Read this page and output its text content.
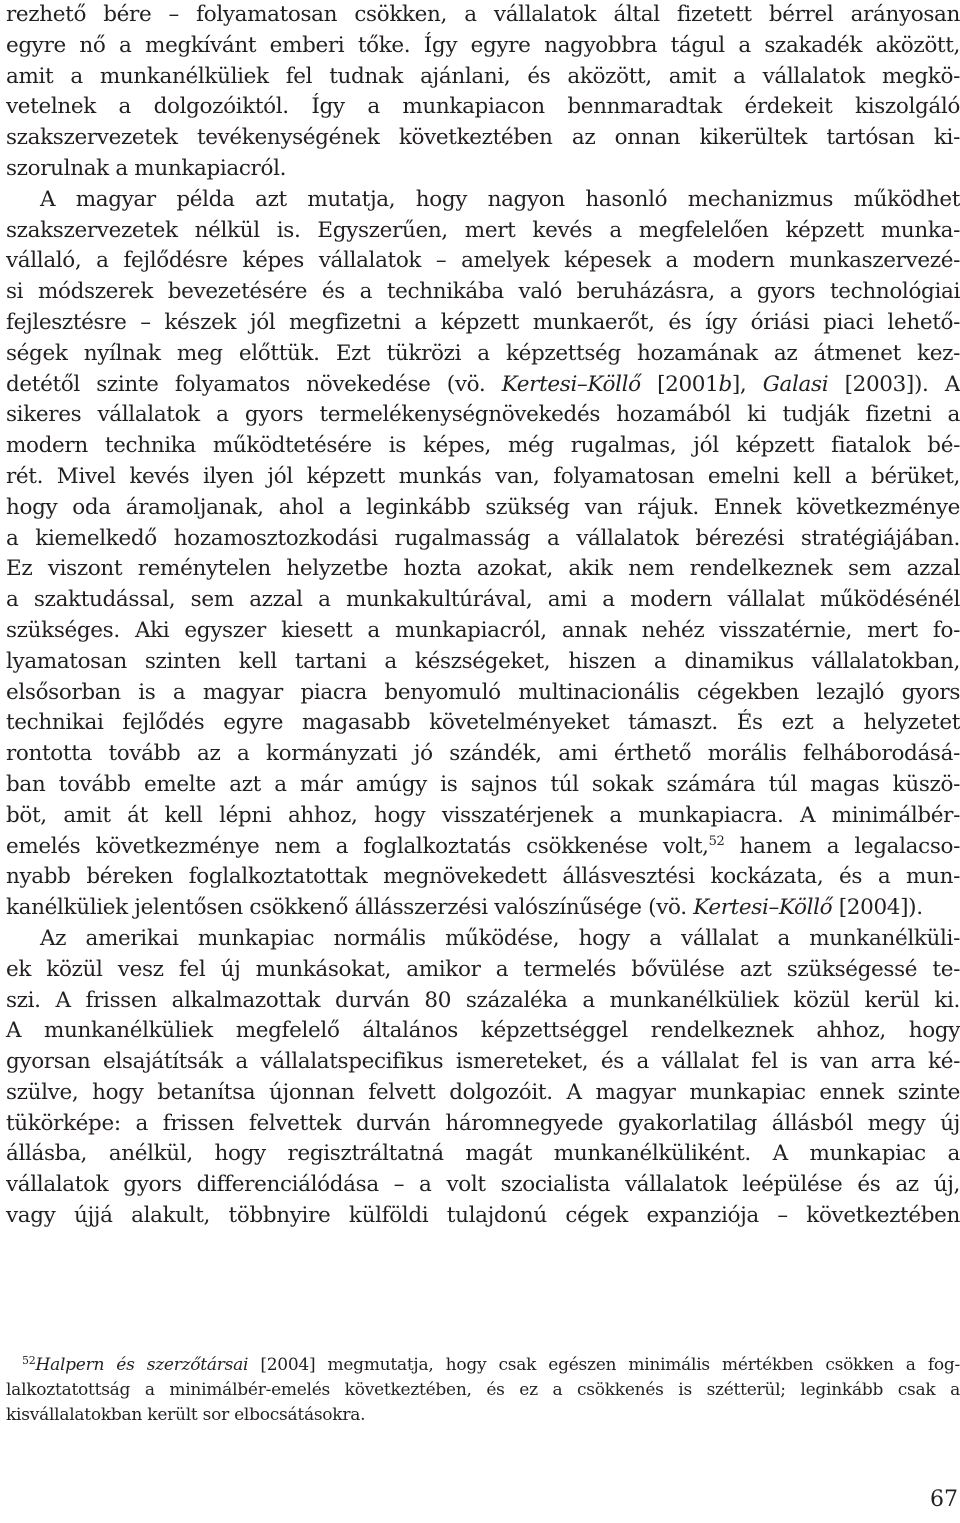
rezhető bére – folyamatosan csökken, a vállalatok által fizetett bérrel arányosan
egyre nő a megkívánt emberi tőke. Így egyre nagyobbra tágul a szakadék aközött,
amit a munkanélküliek fel tudnak ajánlani, és aközött, amit a vállalatok megkö-
vetelnek a dolgozóiktól. Így a munkapiacon bennmaradtak érdekeit kiszolgáló
szakszervezetek tevékenységének következtében az onnan kikerültek tartósan ki-
szorulnak a munkapiacról.
A magyar példa azt mutatja, hogy nagyon hasonló mechanizmus működhet
szakszervezetek nélkül is. Egyszerűen, mert kevés a megfelelően képzett munka-
vállaló, a fejlődésre képes vállalatok – amelyek képesek a modern munkaszervezé-
si módszerek bevezetésére és a technikába való beruházásra, a gyors technológiai
fejlesztésre – készek jól megfizetni a képzett munkaerőt, és így óriási piaci lehető-
ségek nyílnak meg előttük. Ezt tükrözi a képzettség hozamának az átmenet kez-
detétől szinte folyamatos növekedése (vö. Kertesi–Köllő [2001b], Galasi [2003]). A
sikeres vállalatok a gyors termelékenységnövekedés hozamából ki tudják fizetni a
modern technika működtetésére is képes, még rugalmas, jól képzett fiatalok bé-
rét. Mivel kevés ilyen jól képzett munkás van, folyamatosan emelni kell a bérüket,
hogy oda áramoljanak, ahol a leginkább szükség van rájuk. Ennek következménye
a kiemelkedő hozamosztozkodási rugalmasság a vállalatok bérezési stratégiájában.
Ez viszont reménytelen helyzetbe hozta azokat, akik nem rendelkeznek sem azzal
a szaktudással, sem azzal a munkakultúrával, ami a modern vállalat működésénél
szükséges. Aki egyszer kiesett a munkapiacról, annak nehéz visszatérnie, mert fo-
lyamatosan szinten kell tartani a készségeket, hiszen a dinamikus vállalatokban,
elsősorban is a magyar piacra benyomuló multinacionális cégekben lezajló gyors
technikai fejlődés egyre magasabb követelményeket támaszt. És ezt a helyzetet
rontotta tovább az a kormányzati jó szándék, ami érthető morális felháborodásá-
ban tovább emelte azt a már amúgy is sajnos túl sokak számára túl magas küszö-
böt, amit át kell lépni ahhoz, hogy visszatérjenek a munkapiacra. A minimálbér-
emelés következménye nem a foglalkoztatás csökkenése volt,$^{52}$ hanem a legalacso-
nyabb béreken foglalkoztatottak megnövekedett állásvesztési kockázata, és a mun-
kanélküliek jelentősen csökkenő állásszerzési valószínűsége (vö. Kertesi–Köllő [2004]).
Az amerikai munkapiac normális működése, hogy a vállalat a munkanélküli-
ek közül vesz fel új munkásokat, amikor a termelés bővülése azt szükségessé te-
szi. A frissen alkalmazottak durván 80 százaléka a munkanélküliek közül kerül ki.
A munkanélküliek megfelelő általános képzettséggel rendelkeznek ahhoz, hogy
gyorsan elsajátítsák a vállalatspecifikus ismereteket, és a vállalat fel is van arra ké-
szülve, hogy betanítsa újonnan felvett dolgozóit. A magyar munkapiac ennek szinte
tükörképe: a frissen felvettek durván háromnegyede gyakorlatilag állásból megy új
állásba, anélkül, hogy regisztráltatná magát munkanélküliként. A munkapiac a
vállalatok gyors differenciálódása – a volt szocialista vállalatok leépülése és az új,
vagy újjá alakult, többnyire külföldi tulajdonú cégek expanziója – következtében
$^{52}$Halpern és szerzőtársai [2004] megmutatja, hogy csak egészen minimális mértékben csökken a fog-
lalkoztatottság a minimálbér-emelés következtében, és ez a csökkenés is szétterül; leginkább csak a
kisvállalatokban került sor elbocsátásokra.
67
